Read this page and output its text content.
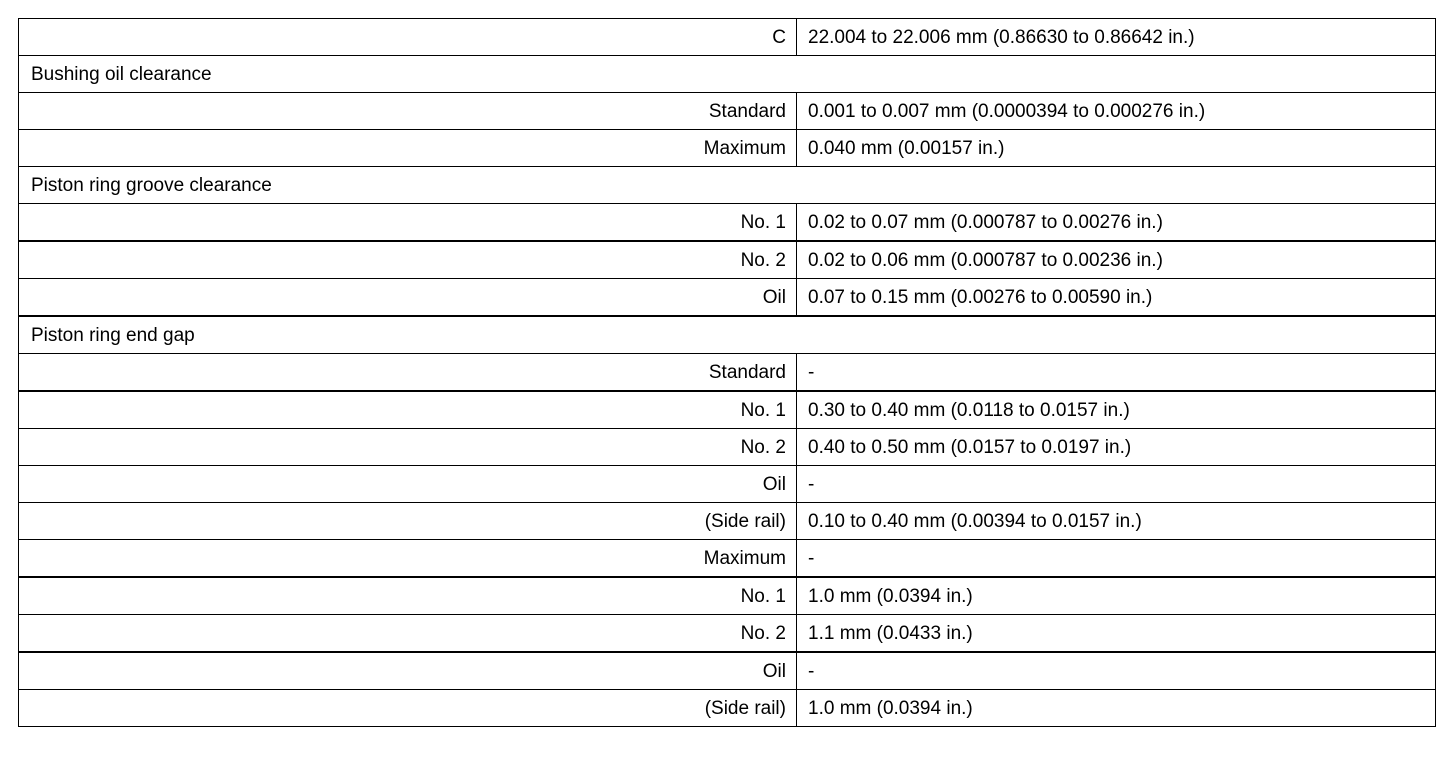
C	22.004 to 22.006 mm (0.86630 to 0.86642 in.)
Bushing oil clearance	
Standard	0.001 to 0.007 mm (0.0000394 to 0.000276 in.)
Maximum	0.040 mm (0.00157 in.)
Piston ring groove clearance	
No. 1	0.02 to 0.07 mm (0.000787 to 0.00276 in.)
No. 2	0.02 to 0.06 mm (0.000787 to 0.00236 in.)
Oil	0.07 to 0.15 mm (0.00276 to 0.00590 in.)
Piston ring end gap	
Standard	-
No. 1	0.30 to 0.40 mm (0.0118 to 0.0157 in.)
No. 2	0.40 to 0.50 mm (0.0157 to 0.0197 in.)
Oil	-
(Side rail)	0.10 to 0.40 mm (0.00394 to 0.0157 in.)
Maximum	-
No. 1	1.0 mm (0.0394 in.)
No. 2	1.1 mm (0.0433 in.)
Oil	-
(Side rail)	1.0 mm (0.0394 in.)
